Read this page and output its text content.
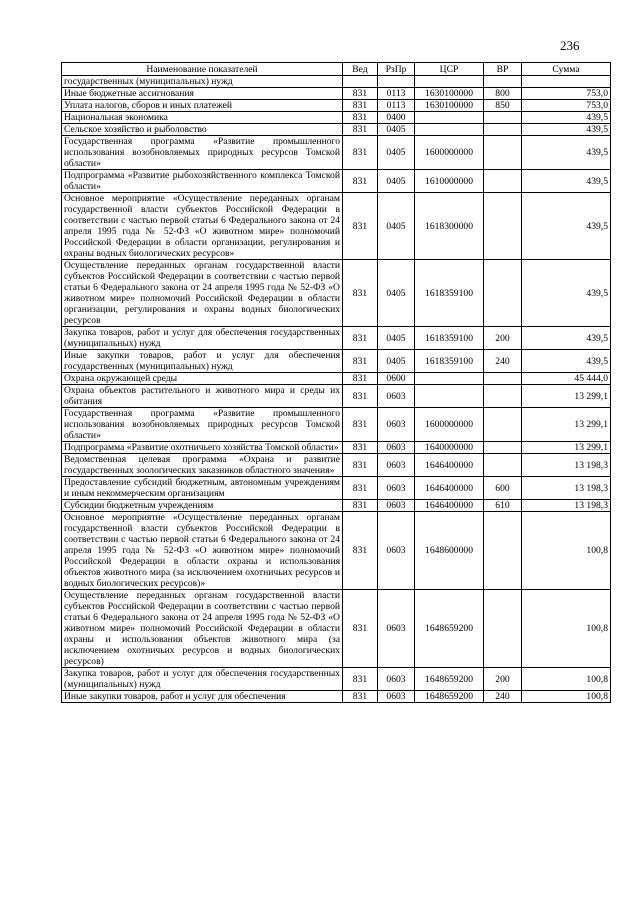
236
Наименование показателей	Вед	РзПр	ЦСР	ВР	Сумма
государственных (муниципальных) нужд					
Иные бюджетные ассигнования	831	0113	1630100000	800	753,0
Уплата налогов, сборов и иных платежей	831	0113	1630100000	850	753,0
Национальная экономика	831	0400			439,5
Сельское хозяйство и рыболовство	831	0405			439,5
Государственная программа «Развитие промышленного использования возобновляемых природных ресурсов Томской области»	831	0405	1600000000		439,5
Подпрограмма «Развитие рыбохозяйственного комплекса Томской области»	831	0405	1610000000		439,5
Основное мероприятие «Осуществление переданных органам государственной власти субъектов Российской Федерации в соответствии с частью первой статьи 6 Федерального закона от 24 апреля 1995 года № 52-ФЗ «О животном мире» полномочий Российской Федерации в области организации, регулирования и охраны водных биологических ресурсов»	831	0405	1618300000		439,5
Осуществление переданных органам государственной власти субъектов Российской Федерации в соответствии с частью первой статьи 6 Федерального закона от 24 апреля 1995 года № 52-ФЗ «О животном мире» полномочий Российской Федерации в области организации, регулирования и охраны водных биологических ресурсов	831	0405	1618359100		439,5
Закупка товаров, работ и услуг для обеспечения государственных (муниципальных) нужд	831	0405	1618359100	200	439,5
Иные закупки товаров, работ и услуг для обеспечения государственных (муниципальных) нужд	831	0405	1618359100	240	439,5
Охрана окружающей среды	831	0600			45 444,0
Охрана объектов растительного и животного мира и среды их обитания	831	0603			13 299,1
Государственная программа «Развитие промышленного использования возобновляемых природных ресурсов Томской области»	831	0603	1600000000		13 299,1
Подпрограмма «Развитие охотничьего хозяйства Томской области»	831	0603	1640000000		13 299,1
Ведомственная целевая программа «Охрана и развитие государственных зоологических заказников областного значения»	831	0603	1646400000		13 198,3
Предоставление субсидий бюджетным, автономным учреждениям и иным некоммерческим организациям	831	0603	1646400000	600	13 198,3
Субсидии бюджетным учреждениям	831	0603	1646400000	610	13 198,3
Основное мероприятие «Осуществление переданных органам государственной власти субъектов Российской Федерации в соответствии с частью первой статьи 6 Федерального закона от 24 апреля 1995 года № 52-ФЗ «О животном мире» полномочий Российской Федерации в области охраны и использования объектов животного мира (за исключением охотничьих ресурсов и водных биологических ресурсов)»	831	0603	1648600000		100,8
Осуществление переданных органам государственной власти субъектов Российской Федерации в соответствии с частью первой статьи 6 Федерального закона от 24 апреля 1995 года № 52-ФЗ «О животном мире» полномочий Российской Федерации в области охраны и использования объектов животного мира (за исключением охотничьих ресурсов и водных биологических ресурсов)	831	0603	1648659200		100,8
Закупка товаров, работ и услуг для обеспечения государственных (муниципальных) нужд	831	0603	1648659200	200	100,8
Иные закупки товаров, работ и услуг для обеспечения	831	0603	1648659200	240	100,8
